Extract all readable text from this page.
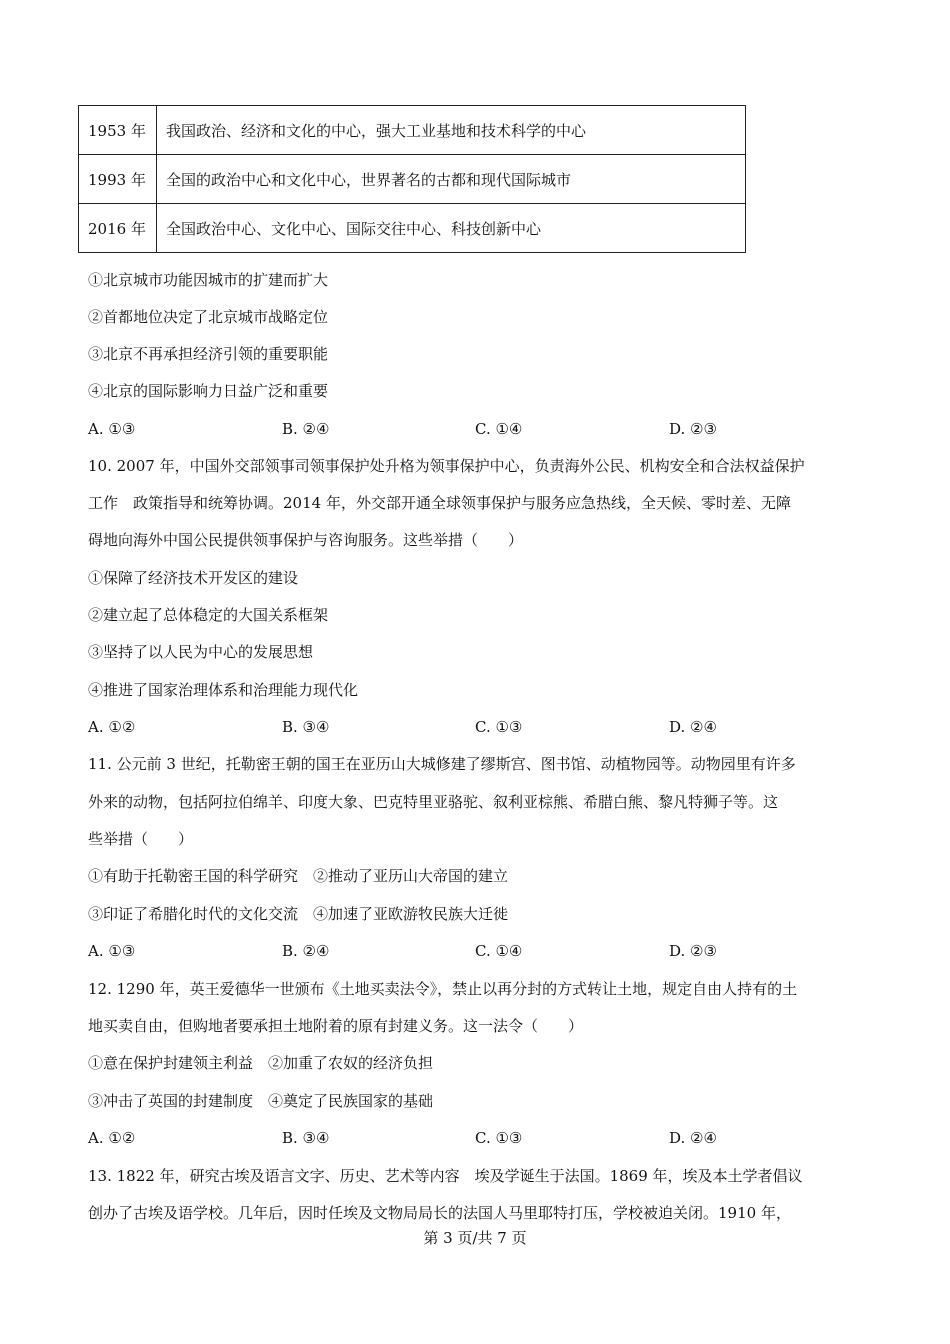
1953 年	我国政治、经济和文化的中心，强大工业基地和技术科学的中心
1993 年	全国的政治中心和文化中心，世界著名的古都和现代国际城市
2016 年	全国政治中心、文化中心、国际交往中心、科技创新中心
①北京城市功能因城市的扩建而扩大
②首都地位决定了北京城市战略定位
③北京不再承担经济引领的重要职能
④北京的国际影响力日益广泛和重要
A. ①③	B. ②④	C. ①④	D. ②③
10. 2007 年，中国外交部领事司领事保护处升格为领事保护中心，负责海外公民、机构安全和合法权益保护
工作　政策指导和统筹协调。2014 年，外交部开通全球领事保护与服务应急热线，全天候、零时差、无障
碍地向海外中国公民提供领事保护与咨询服务。这些举措（　　）
①保障了经济技术开发区的建设
②建立起了总体稳定的大国关系框架
③坚持了以人民为中心的发展思想
④推进了国家治理体系和治理能力现代化
A. ①②	B. ③④	C. ①③	D. ②④
11. 公元前 3 世纪，托勒密王朝的国王在亚历山大城修建了缪斯宫、图书馆、动植物园等。动物园里有许多
外来的动物，包括阿拉伯绵羊、印度大象、巴克特里亚骆驼、叙利亚棕熊、希腊白熊、黎凡特狮子等。这
些举措（　　）
①有助于托勒密王国的科学研究　②推动了亚历山大帝国的建立
③印证了希腊化时代的文化交流　④加速了亚欧游牧民族大迁徙
A. ①③	B. ②④	C. ①④	D. ②③
12. 1290 年，英王爱德华一世颁布《土地买卖法令》，禁止以再分封的方式转让土地，规定自由人持有的土
地买卖自由，但购地者要承担土地附着的原有封建义务。这一法令（　　）
①意在保护封建领主利益　②加重了农奴的经济负担
③冲击了英国的封建制度　④奠定了民族国家的基础
A. ①②	B. ③④	C. ①③	D. ②④
13. 1822 年，研究古埃及语言文字、历史、艺术等内容　埃及学诞生于法国。1869 年，埃及本土学者倡议
创办了古埃及语学校。几年后，因时任埃及文物局局长的法国人马里耶特打压，学校被迫关闭。1910 年，
第 3 页/共 7 页
